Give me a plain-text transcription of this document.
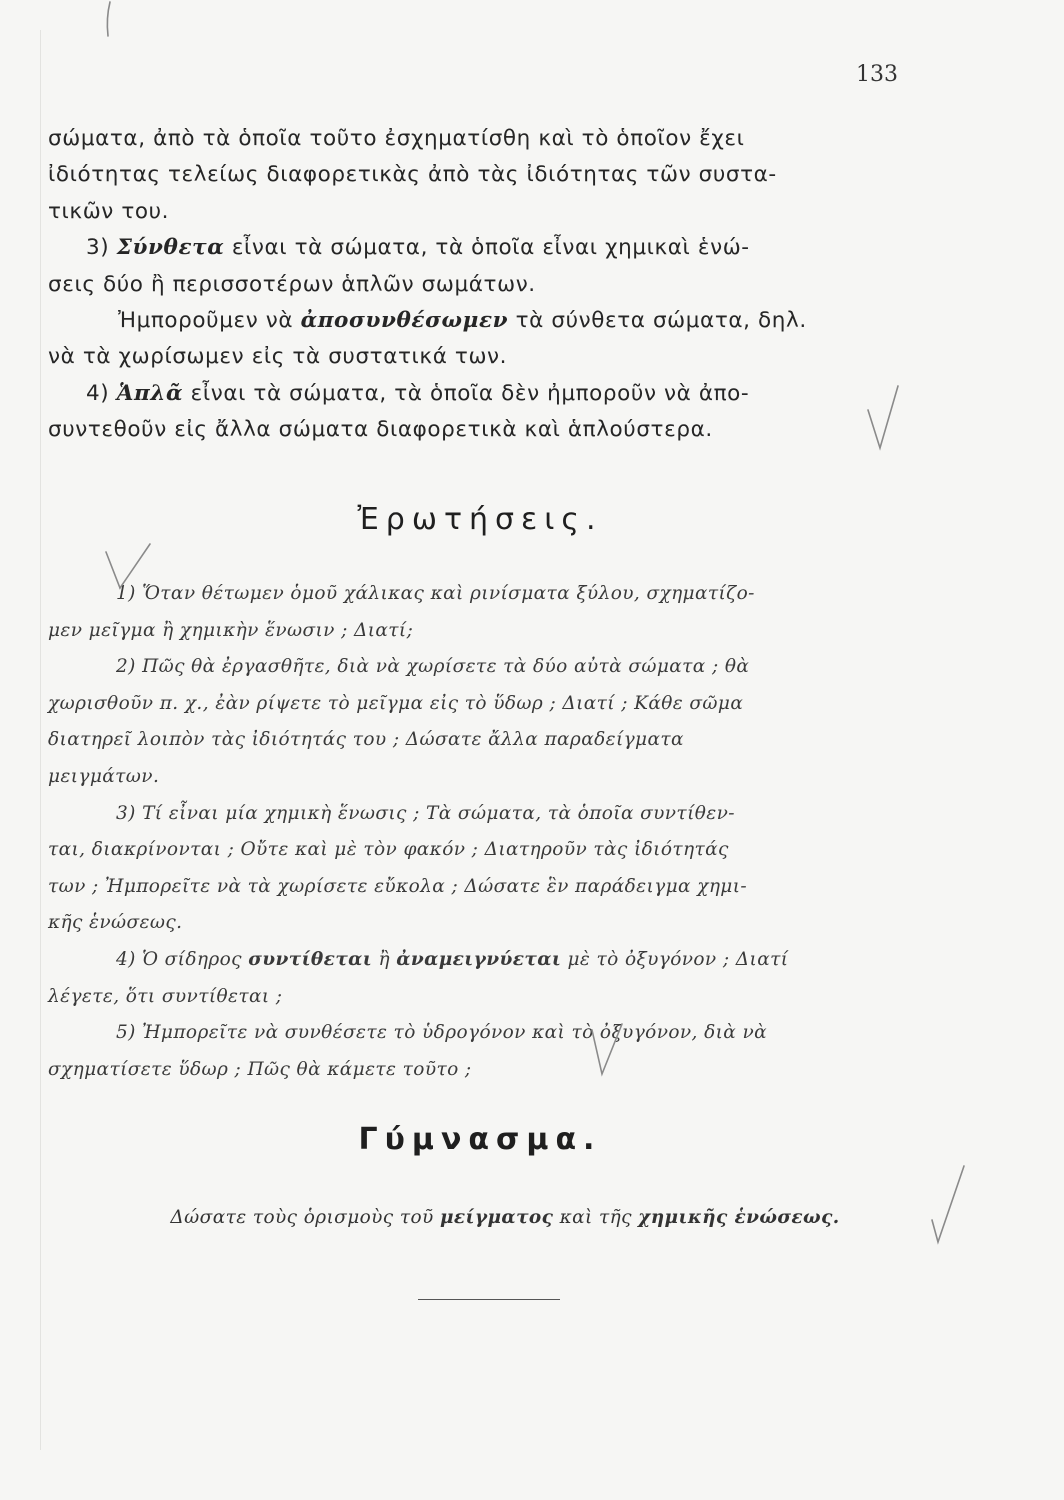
133
σώματα, ἀπὸ τὰ ὁποῖα τοῦτο ἐσχηματίσθη καὶ τὸ ὁποῖον ἔχει
ἰδιότητας τελείως διαφορετικὰς ἀπὸ τὰς ἰδιότητας τῶν συστα-
τικῶν του.
3) Σύνθετα εἶναι τὰ σώματα, τὰ ὁποῖα εἶναι χημικαὶ ἑνώ-
σεις δύο ἢ περισσοτέρων ἁπλῶν σωμάτων.
Ἠμποροῦμεν νὰ ἀποσυνθέσωμεν τὰ σύνθετα σώματα, δηλ.
νὰ τὰ χωρίσωμεν εἰς τὰ συστατικά των.
4) Ἁπλᾶ εἶναι τὰ σώματα, τὰ ὁποῖα δὲν ἠμποροῦν νὰ ἀπο-
συντεθοῦν εἰς ἄλλα σώματα διαφορετικὰ καὶ ἁπλούστερα.
Ἐρωτήσεις.
1) Ὅταν θέτωμεν ὁμοῦ χάλικας καὶ ρινίσματα ξύλου, σχηματίζο-
μεν μεῖγμα ἢ χημικὴν ἕνωσιν ; Διατί;
2) Πῶς θὰ ἐργασθῆτε, διὰ νὰ χωρίσετε τὰ δύο αὐτὰ σώματα ; θὰ
χωρισθοῦν π. χ., ἐὰν ρίψετε τὸ μεῖγμα εἰς τὸ ὕδωρ ; Διατί ; Κάθε σῶμα
διατηρεῖ λοιπὸν τὰς ἰδιότητάς του ; Δώσατε ἄλλα παραδείγματα
μειγμάτων.
3) Τί εἶναι μία χημικὴ ἕνωσις ; Τὰ σώματα, τὰ ὁποῖα συντίθεν-
ται, διακρίνονται ; Οὔτε καὶ μὲ τὸν φακόν ; Διατηροῦν τὰς ἰδιότητάς
των ; Ἠμπορεῖτε νὰ τὰ χωρίσετε εὔκολα ; Δώσατε ἓν παράδειγμα χημι-
κῆς ἑνώσεως.
4) Ὁ σίδηρος συντίθεται ἢ ἀναμειγνύεται μὲ τὸ ὀξυγόνον ; Διατί
λέγετε, ὅτι συντίθεται ;
5) Ἠμπορεῖτε νὰ συνθέσετε τὸ ὑδρογόνον καὶ τὸ ὀξυγόνον, διὰ νὰ
σχηματίσετε ὕδωρ ; Πῶς θὰ κάμετε τοῦτο ;
Γύμνασμα.
Δώσατε τοὺς ὁρισμοὺς τοῦ μείγματος καὶ τῆς χημικῆς ἑνώσεως.
